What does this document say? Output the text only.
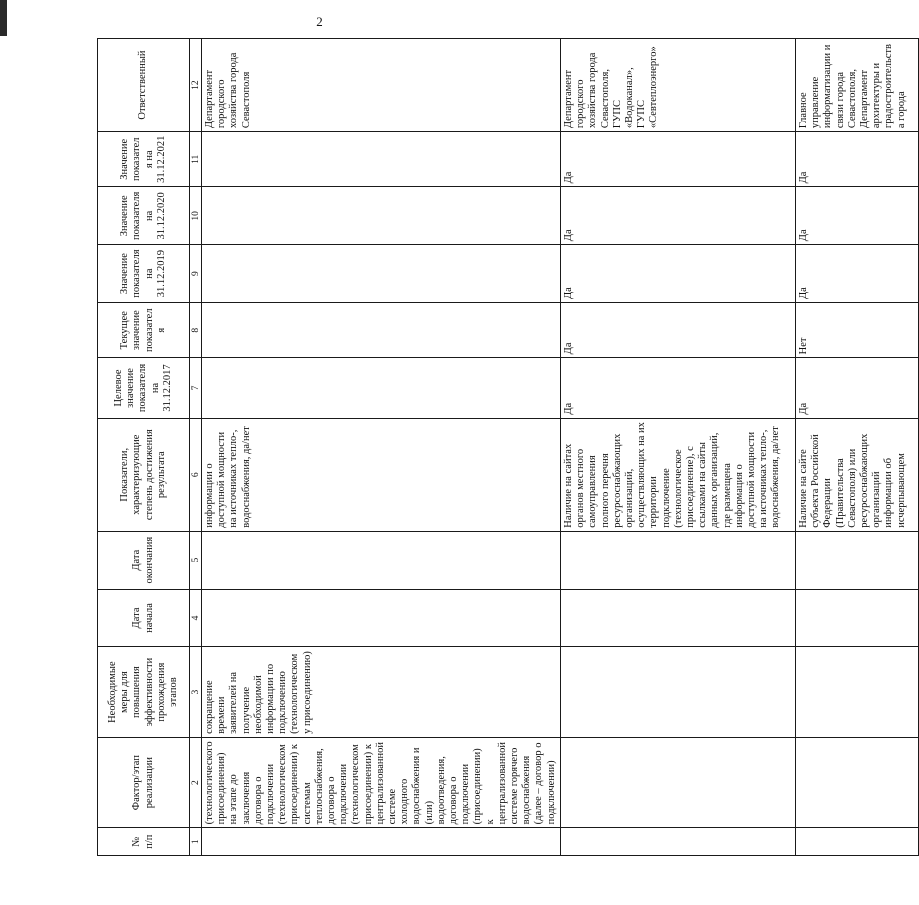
2
№ п/п	Фактор/этап реализации	Необходимые меры для повышения эффективности прохождения этапов	Дата начала	Дата окончания	Показатели, характеризующие степень достижения результата	Целевое значение показателя на 31.12.2017	Текущее значение показателя	Значение показателя на 31.12.2019	Значение показателя на 31.12.2020	Значение показателя на 31.12.2021	Ответственный
1	2	3	4	5	6	7	8	9	10	11	12
	(технологического присоединения) на этапе до заключения договора о подключении (технологическом присоединении) к системам теплоснабжения, договора о подключении (технологическом присоединении) к централизованной системе холодного водоснабжения и (или) водоотведения, договора о подключении (присоединении) к централизованной системе горячего водоснабжения (далее – договор о подключении)	сокращение времени заявителей на получение необходимой информации по подключению (технологическому присоединению)			информации о доступной мощности на источниках тепло-, водоснабжения, да/нет						Департамент городского хозяйства города Севастополя
					Наличие на сайтах органов местного самоуправления полного перечня ресурсоснабжающих организаций, осуществляющих на их территории подключение (технологическое присоединение), с ссылками на сайты данных организаций, где размещена информация о доступной мощности на источниках тепло-, водоснабжения, да/нет	Да	Да	Да	Да	Да	Департамент городского хозяйства города Севастополя, ГУПС «Водоканал», ГУПС «Севтеплоэнерго»
					Наличие на сайте субъекта Российской Федерации (Правительства Севастополя) или ресурсоснабжающих организаций информации об исчерпывающем	Да	Нет	Да	Да	Да	Главное управление информатизации и связи города Севастополя, Департамент архитектуры и градостроительства города
